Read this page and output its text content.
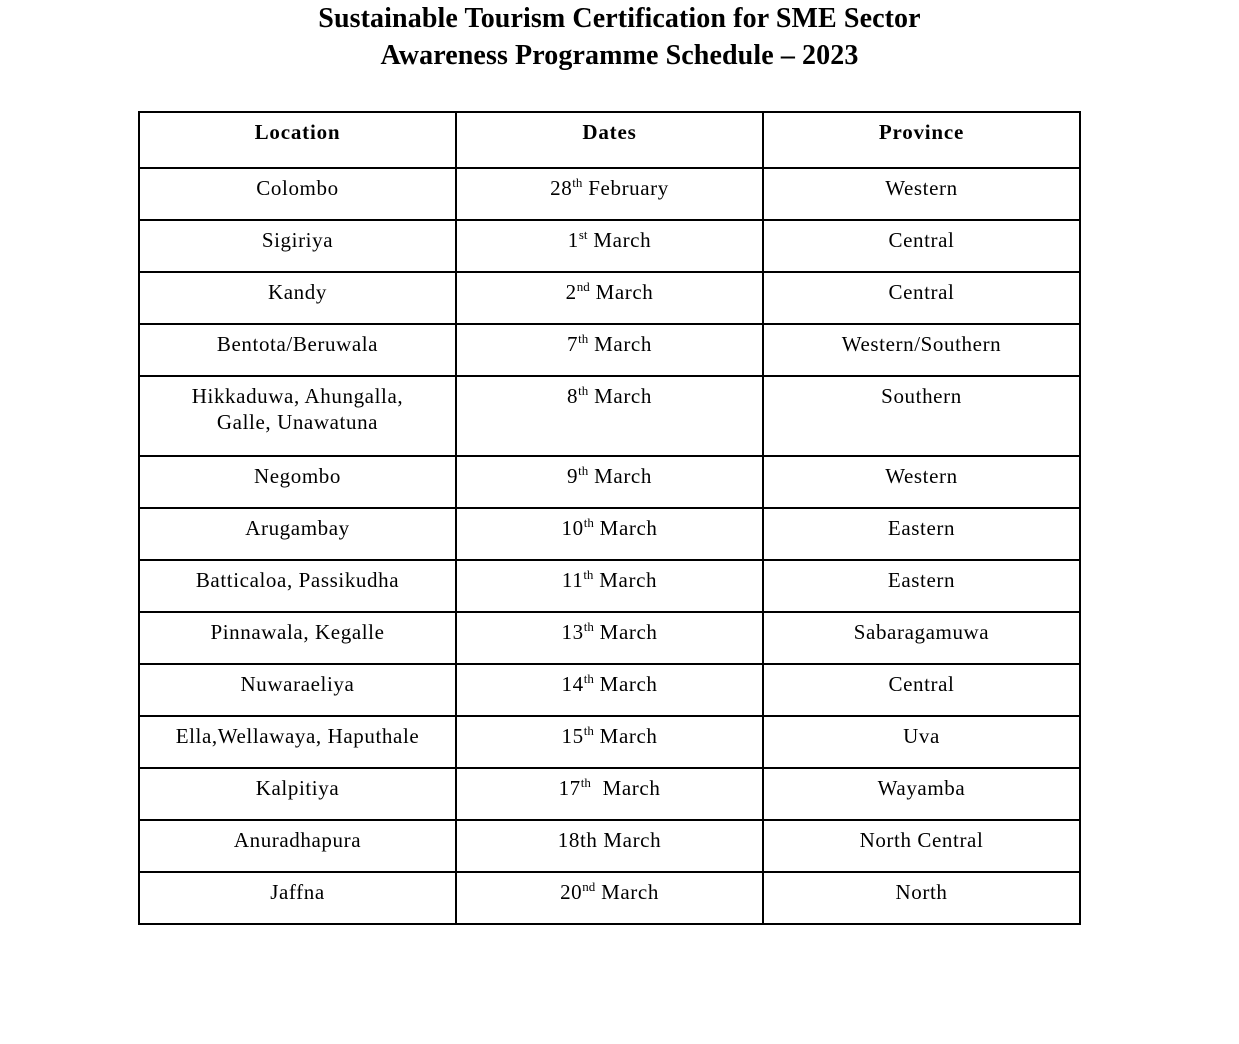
Sustainable Tourism Certification for SME Sector
Awareness Programme Schedule – 2023
Location	Dates	Province
Colombo	28th February	Western
Sigiriya	1st March	Central
Kandy	2nd March	Central
Bentota/Beruwala	7th March	Western/Southern

Hikkaduwa, Ahungalla,
Galle, Unawatuna	8th March	Southern
Negombo	9th March	Western
Arugambay	10th March	Eastern
Batticaloa, Passikudha	11th March	Eastern
Pinnawala, Kegalle	13th March	Sabaragamuwa
Nuwaraeliya	14th March	Central
Ella,Wellawaya, Haputhale	15th March	Uva
Kalpitiya	17th  March	Wayamba
Anuradhapura	18th March	North Central
Jaffna	20nd March	North
